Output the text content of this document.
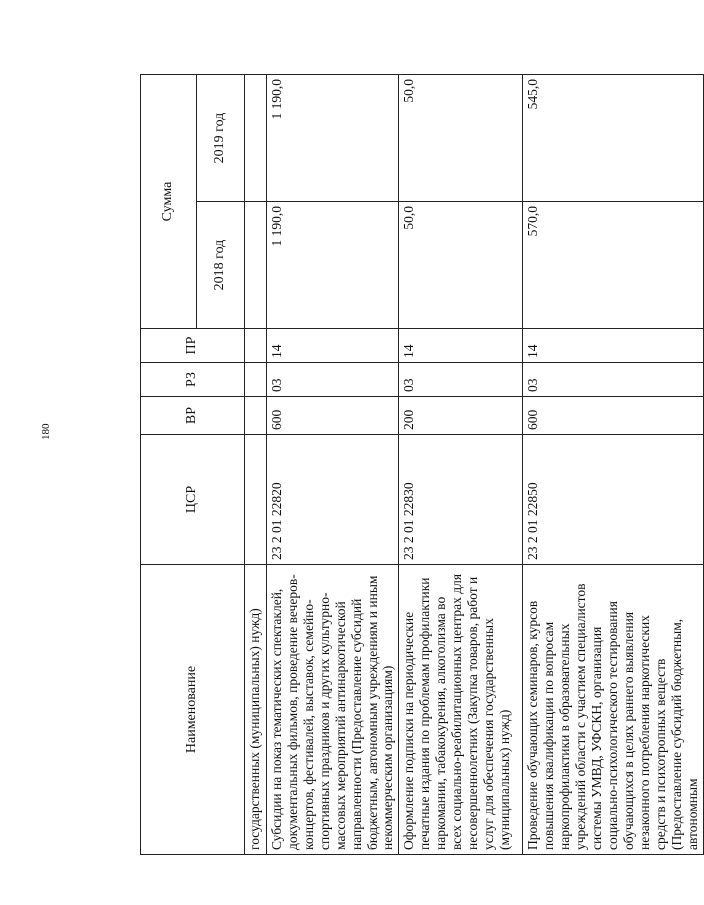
180
Наименование	ЦСР	ВР	РЗ	ПР	Сумма	
					2018 год	2019 год
государственных (муниципальных) нужд)						
Субсидии на показ тематических спектаклей, документальных фильмов, проведение вечеров-концертов, фестивалей, выставок, семейно-спортивных праздников и других культурно-массовых мероприятий антинаркотической направленности (Предоставление субсидий бюджетным, автономным учреждениям и иным некоммерческим организациям)	23 2 01 22820	600	03	14	1 190,0	1 190,0
Оформление подписки на периодические печатные издания по проблемам профилактики наркомании, табакокурения, алкоголизма во всех социально-реабилитационных центрах для несовершеннолетних (Закупка товаров, работ и услуг для обеспечения государственных (муниципальных) нужд)	23 2 01 22830	200	03	14	50,0	50,0
Проведение обучающих семинаров, курсов повышения квалификации по вопросам наркопрофилактики в образовательных учреждений области с участием специалистов системы УМВД, УФСКН, организация социально-психологического тестирования обучающихся в целях раннего выявления незаконного потребления наркотических средств и психотропных веществ (Предоставление субсидий бюджетным, автономным	23 2 01 22850	600	03	14	570,0	545,0
